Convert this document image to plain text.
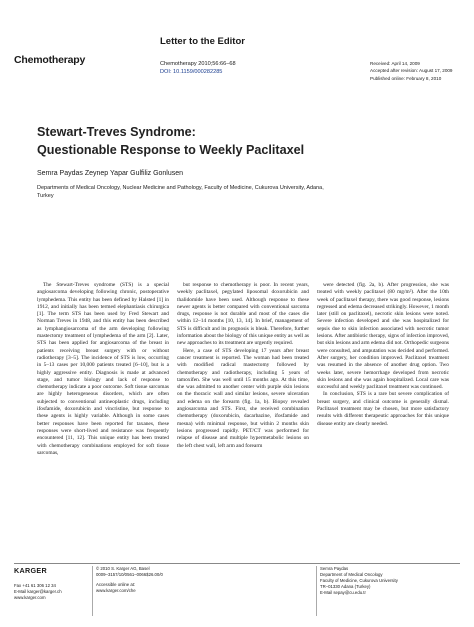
Chemotherapy
Letter to the Editor
Chemotherapy 2010;56:66–68
DOI: 10.1159/000282285
Received: April 14, 2009
Accepted after revision: August 17, 2009
Published online: February 8, 2010
Stewart-Treves Syndrome:
Questionable Response to Weekly Paclitaxel
Semra Paydas Zeynep Yapar Gulfiliz Gonlusen
Departments of Medical Oncology, Nuclear Medicine and Pathology, Faculty of Medicine, Cukurova University, Adana, Turkey

The Stewart-Treves syndrome (STS) is a special angiosarcoma developing following chronic, postoperative lymphedema. This entity has been defined by Halsted [1] in 1912, and initially has been termed elephantiasis chirurgica [1]. The term STS has been used by Fred Stewart and Norman Treves in 1948, and this entity has been described as lymphangiosarcoma of the arm developing following mastectomy treatment of lymphedema of the arm [2]. Later, STS has been applied for angiosarcoma of the breast in patients receiving breast surgery with or without radiotherapy [3–5]. The incidence of STS is low, occurring in 5–13 cases per 10,000 patients treated [6–10], but is a highly aggressive entity. Diagnosis is made at advanced stage, and tumor biology and lack of response to chemotherapy indicate a poor outcome. Soft tissue sarcomas are highly heterogeneous disorders, which are often subjected to conventional antineoplastic drugs, including ifosfamide, doxorubicin and vincristine, but response to these agents is highly variable. Although in some cases better responses have been reported for taxanes, these responses were short-lived and resistance was frequently encountered [11, 12]. This unique entity has been treated with chemotherapy combinations employed for soft tissue sarcomas,

but response to chemotherapy is poor. In recent years, weekly paclitaxel, pegylated liposomal doxorubicin and thalidomide have been used. Although response to these newer agents is better compared with conventional sarcoma drugs, response is not durable and most of the cases die within 12–14 months [10, 13, 14]. In brief, management of STS is difficult and its prognosis is bleak. Therefore, further information about the biology of this unique entity as well as new approaches to its treatment are urgently required.

Here, a case of STS developing 17 years after breast cancer treatment is reported. The woman had been treated with modified radical mastectomy followed by chemotherapy and radiotherapy, including 5 years of tamoxifen. She was well until 15 months ago. At this time, she was admitted to another center with purple skin lesions on the thoracic wall and similar lesions, severe ulceration and edema on the forearm (fig. 1a, b). Biopsy revealed angiosarcoma and STS. First, she received combination chemotherapy (doxorubicin, dacarbazine, ifosfamide and mesna) with minimal response, but within 2 months skin lesions progressed rapidly. PET/CT was performed for relapse of disease and multiple hypermetabolic lesions on the left chest wall, left arm and forearm

were detected (fig. 2a, b). After progression, she was treated with weekly paclitaxel (80 mg/m²). After the 10th week of paclitaxel therapy, there was good response, lesions regressed and edema decreased strikingly. However, 1 month later (still on paclitaxel), necrotic skin lesions were noted. Severe infection developed and she was hospitalized for sepsis due to skin infection associated with necrotic tumor lesions. After antibiotic therapy, signs of infection improved, but skin lesions and arm edema did not. Orthopedic surgeons were consulted, and amputation was decided and performed. After surgery, her condition improved. Paclitaxel treatment was resumed in the absence of another drug option. Two weeks later, severe hemorrhage developed from necrotic skin lesions and she was again hospitalized. Local care was successful and weekly paclitaxel treatment was continued.

In conclusion, STS is a rare but severe complication of breast surgery, and clinical outcome is generally dismal. Paclitaxel treatment may be chosen, but more satisfactory results with different therapeutic approaches for this unique disease entity are clearly needed.

KARGER
Fax +41 61 306 12 34
E-Mail karger@karger.ch
www.karger.com
© 2010 S. Karger AG, Basel
0009–3157/10/0561–0066$26.00/0
Accessible online at:
www.karger.com/che
Semra Paydas
Department of Medical Oncology
Faculty of Medicine, Cukurova University
TR–01330 Adana (Turkey)
E-Mail sepay@cu.edu.tr
